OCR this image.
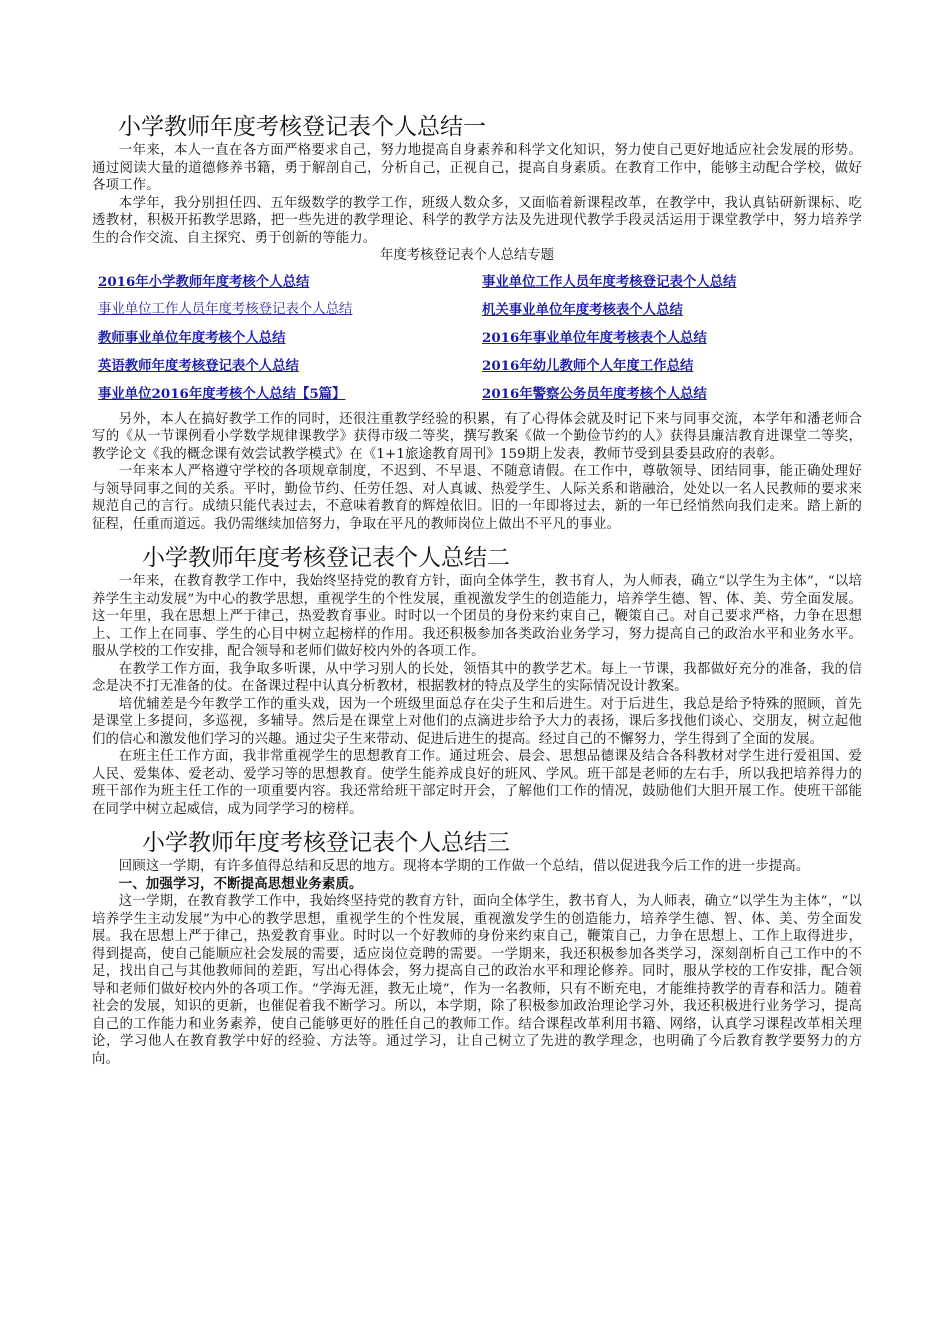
小学教师年度考核登记表个人总结一

一年来，本人一直在各方面严格要求自己，努力地提高自身素养和科学文化知识，努力使自己更好地适应社会发展的形势。通过阅读大量的道德修养书籍，勇于解剖自己，分析自己，正视自己，提高自身素质。在教育工作中，能够主动配合学校，做好各项工作。

本学年，我分别担任四、五年级数学的教学工作，班级人数众多，又面临着新课程改革，在教学中，我认真钻研新课标、吃透教材，积极开拓教学思路，把一些先进的教学理论、科学的教学方法及先进现代教学手段灵活运用于课堂教学中，努力培养学生的合作交流、自主探究、勇于创新的等能力。

年度考核登记表个人总结专题
2016年小学教师年度考核个人总结	事业单位工作人员年度考核登记表个人总结
事业单位工作人员年度考核登记表个人总结	机关事业单位年度考核表个人总结
教师事业单位年度考核个人总结	2016年事业单位年度考核表个人总结
英语教师年度考核登记表个人总结	2016年幼儿教师个人年度工作总结
事业单位2016年度考核个人总结【5篇】	2016年警察公务员年度考核个人总结

另外，本人在搞好教学工作的同时，还很注重教学经验的积累，有了心得体会就及时记下来与同事交流，本学年和潘老师合写的《从一节课例看小学数学规律课教学》获得市级二等奖，撰写教案《做一个勤俭节约的人》获得县廉洁教育进课堂二等奖，教学论文《我的概念课有效尝试教学模式》在《1+1旅途教育周刊》159期上发表，教师节受到县委县政府的表彰。

一年来本人严格遵守学校的各项规章制度，不迟到、不早退、不随意请假。在工作中，尊敬领导、团结同事，能正确处理好与领导同事之间的关系。平时，勤俭节约、任劳任怨、对人真诚、热爱学生、人际关系和谐融洽，处处以一名人民教师的要求来规范自己的言行。成绩只能代表过去，不意味着教育的辉煌依旧。旧的一年即将过去，新的一年已经悄然向我们走来。踏上新的征程，任重而道远。我仍需继续加倍努力，争取在平凡的教师岗位上做出不平凡的事业。

小学教师年度考核登记表个人总结二

一年来，在教育教学工作中，我始终坚持党的教育方针，面向全体学生，教书育人，为人师表，确立“以学生为主体”，“以培养学生主动发展”为中心的教学思想，重视学生的个性发展，重视激发学生的创造能力，培养学生德、智、体、美、劳全面发展。这一年里，我在思想上严于律己，热爱教育事业。时时以一个团员的身份来约束自己，鞭策自己。对自己要求严格，力争在思想上、工作上在同事、学生的心目中树立起榜样的作用。我还积极参加各类政治业务学习，努力提高自己的政治水平和业务水平。服从学校的工作安排，配合领导和老师们做好校内外的各项工作。

在教学工作方面，我争取多听课，从中学习别人的长处，领悟其中的教学艺术。每上一节课，我都做好充分的准备，我的信念是决不打无准备的仗。在备课过程中认真分析教材，根据教材的特点及学生的实际情况设计教案。

培优辅差是今年教学工作的重头戏，因为一个班级里面总存在尖子生和后进生。对于后进生，我总是给予特殊的照顾，首先是课堂上多提问，多巡视，多辅导。然后是在课堂上对他们的点滴进步给予大力的表扬，课后多找他们谈心、交朋友，树立起他们的信心和激发他们学习的兴趣。通过尖子生来带动、促进后进生的提高。经过自己的不懈努力，学生得到了全面的发展。

在班主任工作方面，我非常重视学生的思想教育工作。通过班会、晨会、思想品德课及结合各科教材对学生进行爱祖国、爱人民、爱集体、爱老动、爱学习等的思想教育。使学生能养成良好的班风、学风。班干部是老师的左右手，所以我把培养得力的班干部作为班主任工作的一项重要内容。我还常给班干部定时开会，了解他们工作的情况，鼓励他们大胆开展工作。使班干部能在同学中树立起威信，成为同学学习的榜样。

小学教师年度考核登记表个人总结三

回顾这一学期，有许多值得总结和反思的地方。现将本学期的工作做一个总结，借以促进我今后工作的进一步提高。

一、加强学习，不断提高思想业务素质。

这一学期，在教育教学工作中，我始终坚持党的教育方针，面向全体学生，教书育人，为人师表，确立“以学生为主体”，“以培养学生主动发展”为中心的教学思想，重视学生的个性发展，重视激发学生的创造能力，培养学生德、智、体、美、劳全面发展。我在思想上严于律己，热爱教育事业。时时以一个好教师的身份来约束自己，鞭策自己，力争在思想上、工作上取得进步，得到提高，使自己能顺应社会发展的需要，适应岗位竞聘的需要。一学期来，我还积极参加各类学习，深刻剖析自己工作中的不足，找出自己与其他教师间的差距，写出心得体会，努力提高自己的政治水平和理论修养。同时，服从学校的工作安排，配合领导和老师们做好校内外的各项工作。“学海无涯，教无止境”，作为一名教师，只有不断充电，才能维持教学的青春和活力。随着社会的发展，知识的更新，也催促着我不断学习。所以，本学期，除了积极参加政治理论学习外，我还积极进行业务学习，提高自己的工作能力和业务素养，使自己能够更好的胜任自己的教师工作。结合课程改革利用书籍、网络，认真学习课程改革相关理论，学习他人在教育教学中好的经验、方法等。通过学习，让自己树立了先进的教学理念，也明确了今后教育教学要努力的方向。
